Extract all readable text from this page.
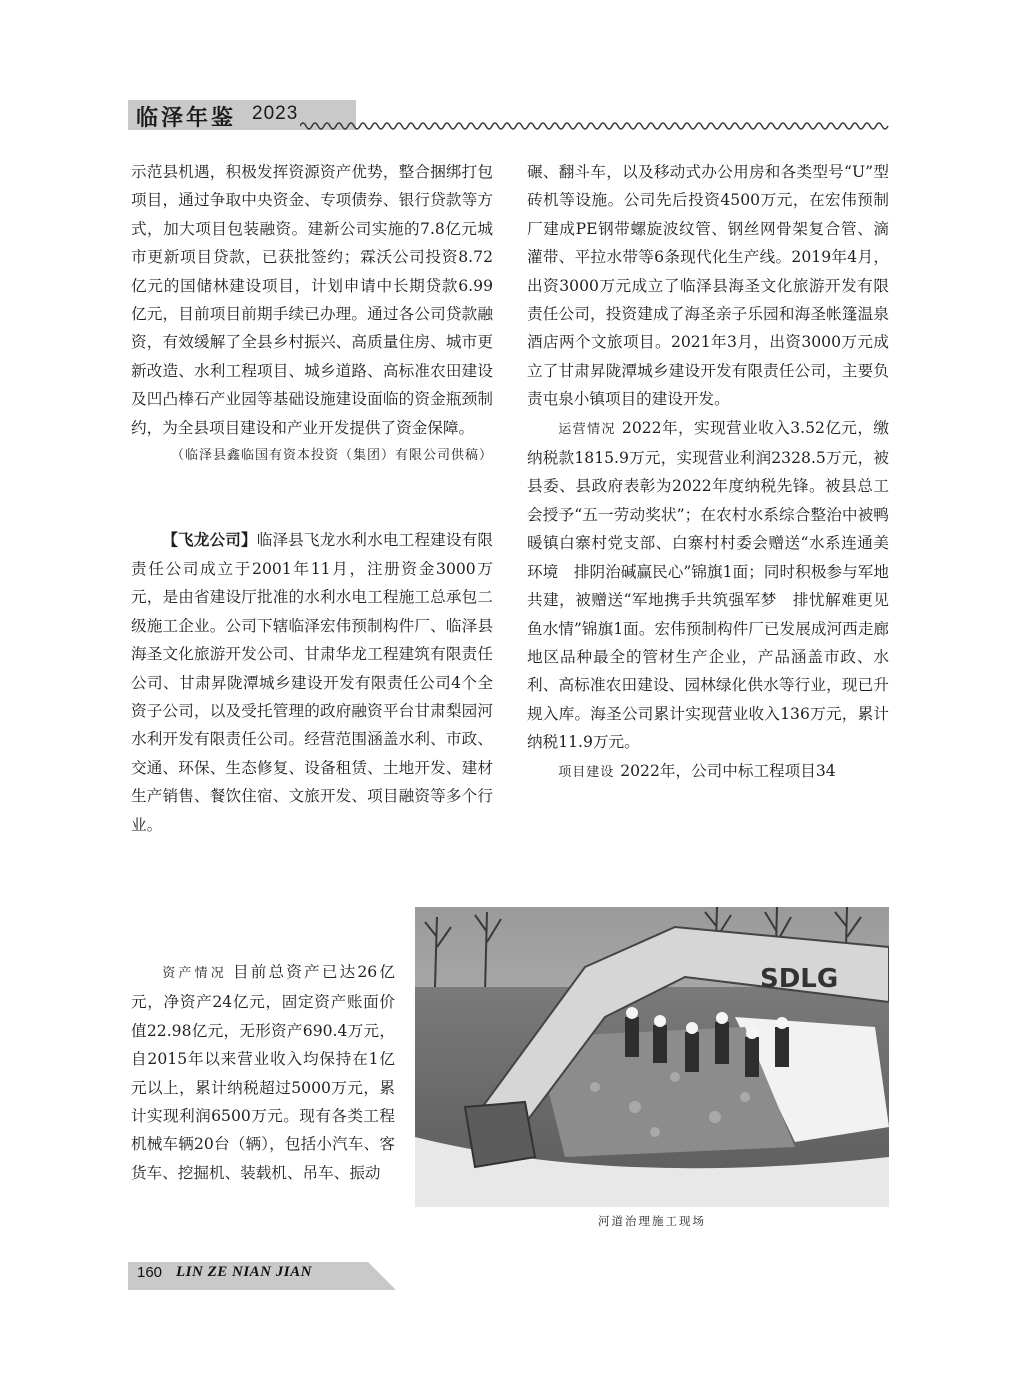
临泽年鉴 2023

示范县机遇，积极发挥资源资产优势，整合捆绑打包项目，通过争取中央资金、专项债券、银行贷款等方式，加大项目包装融资。建新公司实施的7.8亿元城市更新项目贷款，已获批签约；霖沃公司投资8.72亿元的国储林建设项目，计划申请中长期贷款6.99亿元，目前项目前期手续已办理。通过各公司贷款融资，有效缓解了全县乡村振兴、高质量住房、城市更新改造、水利工程项目、城乡道路、高标准农田建设及凹凸棒石产业园等基础设施建设面临的资金瓶颈制约，为全县项目建设和产业开发提供了资金保障。

（临泽县鑫临国有资本投资（集团）有限公司供稿）

【飞龙公司】临泽县飞龙水利水电工程建设有限责任公司成立于2001年11月，注册资金3000万元，是由省建设厅批准的水利水电工程施工总承包二级施工企业。公司下辖临泽宏伟预制构件厂、临泽县海圣文化旅游开发公司、甘肃华龙工程建筑有限责任公司、甘肃昇陇潭城乡建设开发有限责任公司4个全资子公司，以及受托管理的政府融资平台甘肃梨园河水利开发有限责任公司。经营范围涵盖水利、市政、交通、环保、生态修复、设备租赁、土地开发、建材生产销售、餐饮住宿、文旅开发、项目融资等多个行业。

资产情况 目前总资产已达26亿元，净资产24亿元，固定资产账面价值22.98亿元，无形资产690.4万元，自2015年以来营业收入均保持在1亿元以上，累计纳税超过5000万元，累计实现利润6500万元。现有各类工程机械车辆20台（辆），包括小汽车、客货车、挖掘机、装载机、吊车、振动

碾、翻斗车，以及移动式办公用房和各类型号“U”型砖机等设施。公司先后投资4500万元，在宏伟预制厂建成PE钢带螺旋波纹管、钢丝网骨架复合管、滴灌带、平拉水带等6条现代化生产线。2019年4月，出资3000万元成立了临泽县海圣文化旅游开发有限责任公司，投资建成了海圣亲子乐园和海圣帐篷温泉酒店两个文旅项目。2021年3月，出资3000万元成立了甘肃昇陇潭城乡建设开发有限责任公司，主要负责屯泉小镇项目的建设开发。

运营情况 2022年，实现营业收入3.52亿元，缴纳税款1815.9万元，实现营业利润2328.5万元，被县委、县政府表彰为2022年度纳税先锋。被县总工会授予“五一劳动奖状”；在农村水系综合整治中被鸭暖镇白寨村党支部、白寨村村委会赠送“水系连通美环境　排阴治碱赢民心”锦旗1面；同时积极参与军地共建，被赠送“军地携手共筑强军梦　排忧解难更见鱼水情”锦旗1面。宏伟预制构件厂已发展成河西走廊地区品种最全的管材生产企业，产品涵盖市政、水利、高标准农田建设、园林绿化供水等行业，现已升规入库。海圣公司累计实现营业收入136万元，累计纳税11.9万元。

项目建设 2022年，公司中标工程项目34

SDLG
河道治理施工现场
160 LIN ZE NIAN JIAN
